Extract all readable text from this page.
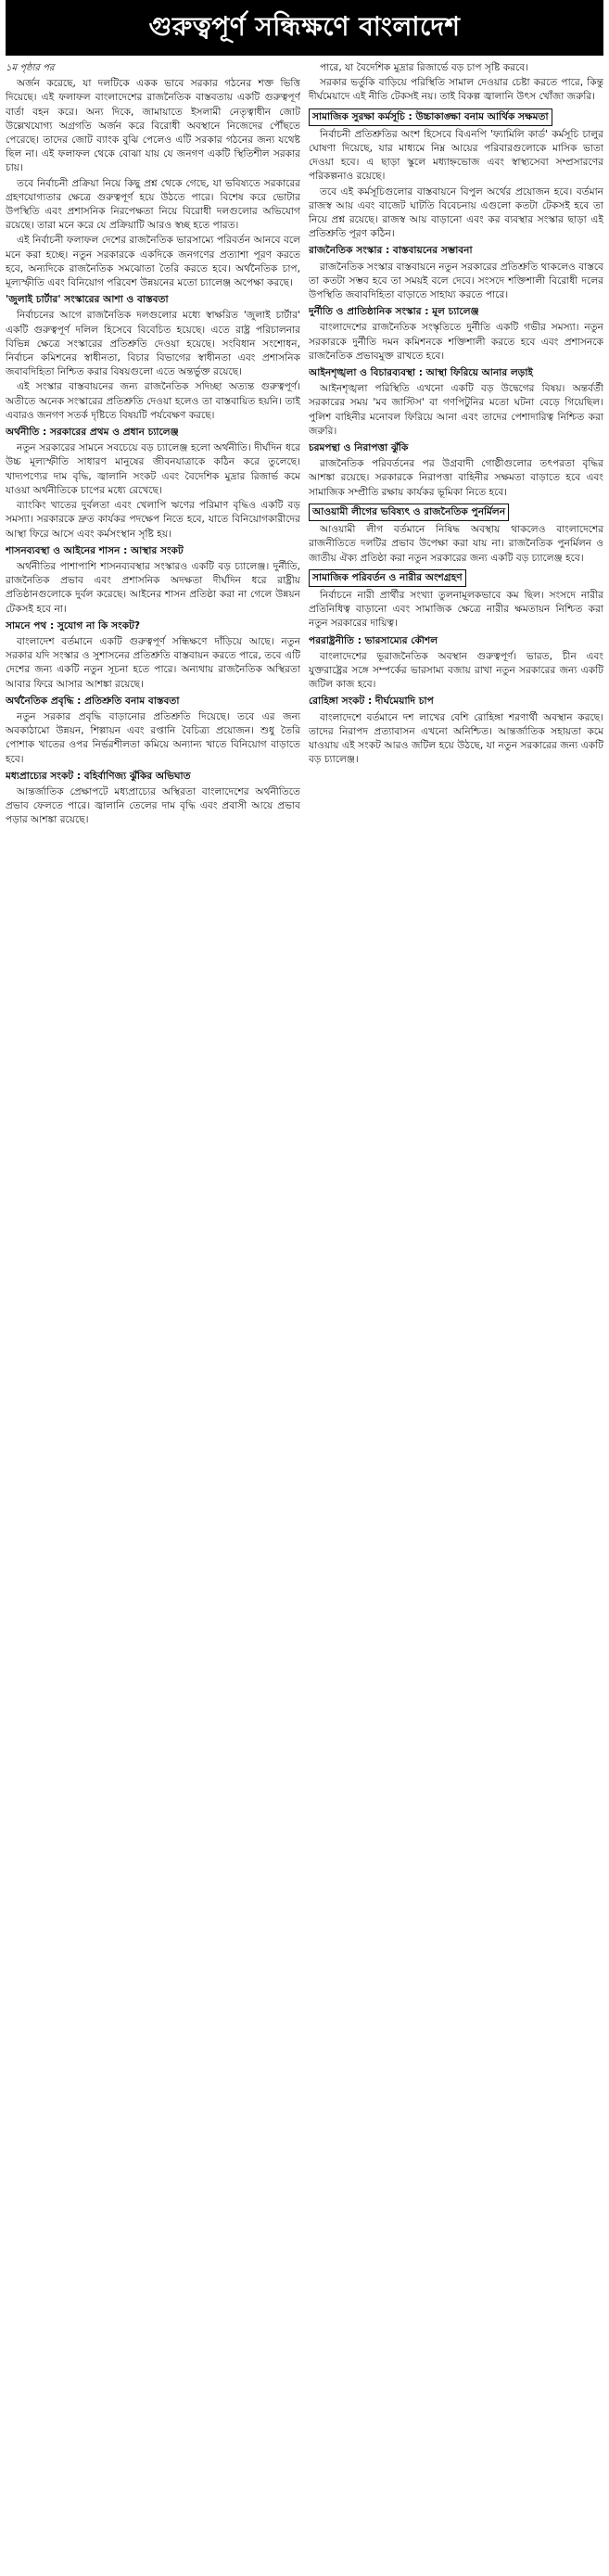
গুরুত্বপূর্ণ সন্ধিক্ষণে বাংলাদেশ
১ম পৃষ্ঠার পর

অর্জন করেছে, যা দলটিকে একক ভাবে সরকার গঠনের শক্ত ভিত্তি দিয়েছে। এই ফলাফল বাংলাদেশের রাজনৈতিক বাস্তবতায় একটি গুরুত্বপূর্ণ বার্তা বহন করে। অন্য দিকে, জামায়াতে ইসলামী নেতৃত্বাধীন জোট উল্লেখযোগ্য অগ্রগতি অর্জন করে বিরোধী অবস্থানে নিজেদের পৌঁছতে পেরেছে। তাদের জোট ব্যাংক বুঝি পেলেও এটি সরকার গঠনের জন্য যথেষ্ট ছিল না। এই ফলাফল থেকে বোঝা যায় যে জনগণ একটি স্থিতিশীল সরকার চায়।

তবে নির্বাচনী প্রক্রিয়া নিয়ে কিছু প্রশ্ন থেকে গেছে, যা ভবিষ্যতে সরকারের গ্রহণযোগ্যতার ক্ষেত্রে গুরুত্বপূর্ণ হয়ে উঠতে পারে। বিশেষ করে ভোটার উপস্থিতি এবং প্রশাসনিক নিরপেক্ষতা নিয়ে বিরোধী দলগুলোর অভিযোগ রয়েছে। তারা মনে করে যে প্রক্রিয়াটি আরও স্বচ্ছ হতে পারত।

এই নির্বাচনী ফলাফল দেশের রাজনৈতিক ভারসাম্যে পরিবর্তন আনবে বলে মনে করা হচ্ছে। নতুন সরকারকে একদিকে জনগণের প্রত্যাশা পূরণ করতে হবে, অন্যদিকে রাজনৈতিক সমঝোতা তৈরি করতে হবে। অর্থনৈতিক চাপ, মূল্যস্ফীতি এবং বিনিয়োগ পরিবেশ উন্নয়নের মতো চ্যালেঞ্জ অপেক্ষা করছে।

'জুলাই চার্টার' সংস্কারের আশা ও বাস্তবতা

নির্বাচনের আগে রাজনৈতিক দলগুলোর মধ্যে স্বাক্ষরিত 'জুলাই চার্টার' একটি গুরুত্বপূর্ণ দলিল হিসেবে বিবেচিত হয়েছে। এতে রাষ্ট্র পরিচালনার বিভিন্ন ক্ষেত্রে সংস্কারের প্রতিশ্রুতি দেওয়া হয়েছে। সংবিধান সংশোধন, নির্বাচন কমিশনের স্বাধীনতা, বিচার বিভাগের স্বাধীনতা এবং প্রশাসনিক জবাবদিহিতা নিশ্চিত করার বিষয়গুলো এতে অন্তর্ভুক্ত রয়েছে।

এই সংস্কার বাস্তবায়নের জন্য রাজনৈতিক সদিচ্ছা অত্যন্ত গুরুত্বপূর্ণ। অতীতে অনেক সংস্কারের প্রতিশ্রুতি দেওয়া হলেও তা বাস্তবায়িত হয়নি। তাই এবারও জনগণ সতর্ক দৃষ্টিতে বিষয়টি পর্যবেক্ষণ করছে।

অর্থনীতি : সরকারের প্রথম ও প্রধান চ্যালেঞ্জ

নতুন সরকারের সামনে সবচেয়ে বড় চ্যালেঞ্জ হলো অর্থনীতি। দীর্ঘদিন ধরে উচ্চ মূল্যস্ফীতি সাধারণ মানুষের জীবনযাত্রাকে কঠিন করে তুলেছে। খাদ্যপণ্যের দাম বৃদ্ধি, জ্বালানি সংকট এবং বৈদেশিক মুদ্রার রিজার্ভ কমে যাওয়া অর্থনীতিকে চাপের মধ্যে রেখেছে।

ব্যাংকিং খাতের দুর্বলতা এবং খেলাপি ঋণের পরিমাণ বৃদ্ধিও একটি বড় সমস্যা। সরকারকে দ্রুত কার্যকর পদক্ষেপ নিতে হবে, যাতে বিনিয়োগকারীদের আস্থা ফিরে আসে এবং কর্মসংস্থান সৃষ্টি হয়।

শাসনব্যবস্থা ও আইনের শাসন : আস্থার সংকট

অর্থনীতির পাশাপাশি শাসনব্যবস্থার সংস্কারও একটি বড় চ্যালেঞ্জ। দুর্নীতি, রাজনৈতিক প্রভাব এবং প্রশাসনিক অদক্ষতা দীর্ঘদিন ধরে রাষ্ট্রীয় প্রতিষ্ঠানগুলোকে দুর্বল করেছে। আইনের শাসন প্রতিষ্ঠা করা না গেলে উন্নয়ন টেকসই হবে না।

সামনে পথ : সুযোগ না কি সংকট?

বাংলাদেশ বর্তমানে একটি গুরুত্বপূর্ণ সন্ধিক্ষণে দাঁড়িয়ে আছে। নতুন সরকার যদি সংস্কার ও সুশাসনের প্রতিশ্রুতি বাস্তবায়ন করতে পারে, তবে এটি দেশের জন্য একটি নতুন সূচনা হতে পারে। অন্যথায় রাজনৈতিক অস্থিরতা আবার ফিরে আসার আশঙ্কা রয়েছে।

অর্থনৈতিক প্রবৃদ্ধি : প্রতিশ্রুতি বনাম বাস্তবতা

নতুন সরকার প্রবৃদ্ধি বাড়ানোর প্রতিশ্রুতি দিয়েছে। তবে এর জন্য অবকাঠামো উন্নয়ন, শিল্পায়ন এবং রপ্তানি বৈচিত্র্য প্রয়োজন। শুধু তৈরি পোশাক খাতের ওপর নির্ভরশীলতা কমিয়ে অন্যান্য খাতে বিনিয়োগ বাড়াতে হবে।

মধ্যপ্রাচ্যের সংকট : বহির্বাণিজ্য ঝুঁকির অভিঘাত

আন্তর্জাতিক প্রেক্ষাপটে মধ্যপ্রাচ্যের অস্থিরতা বাংলাদেশের অর্থনীতিতে প্রভাব ফেলতে পারে। জ্বালানি তেলের দাম বৃদ্ধি এবং প্রবাসী আয়ে প্রভাব পড়ার আশঙ্কা রয়েছে।

পারে, যা বৈদেশিক মুদ্রার রিজার্ভে বড় চাপ সৃষ্টি করবে।

সরকার ভর্তুকি বাড়িয়ে পরিস্থিতি সামাল দেওয়ার চেষ্টা করতে পারে, কিন্তু দীর্ঘমেয়াদে এই নীতি টেকসই নয়। তাই বিকল্প জ্বালানি উৎস খোঁজা জরুরি।

সামাজিক সুরক্ষা কর্মসূচি : উচ্চাকাঙ্ক্ষা বনাম আর্থিক সক্ষমতা

নির্বাচনী প্রতিশ্রুতির অংশ হিসেবে বিএনপি 'ফ্যামিলি কার্ড' কর্মসূচি চালুর ঘোষণা দিয়েছে, যার মাধ্যমে নিম্ন আয়ের পরিবারগুলোকে মাসিক ভাতা দেওয়া হবে। এ ছাড়া স্কুলে মধ্যাহ্নভোজ এবং স্বাস্থ্যসেবা সম্প্রসারণের পরিকল্পনাও রয়েছে।

তবে এই কর্মসূচিগুলোর বাস্তবায়নে বিপুল অর্থের প্রয়োজন হবে। বর্তমান রাজস্ব আয় এবং বাজেট ঘাটতি বিবেচনায় এগুলো কতটা টেকসই হবে তা নিয়ে প্রশ্ন রয়েছে। রাজস্ব আয় বাড়ানো এবং কর ব্যবস্থার সংস্কার ছাড়া এই প্রতিশ্রুতি পূরণ কঠিন।

রাজনৈতিক সংস্কার : বাস্তবায়নের সম্ভাবনা

রাজনৈতিক সংস্কার বাস্তবায়নে নতুন সরকারের প্রতিশ্রুতি থাকলেও বাস্তবে তা কতটা সম্ভব হবে তা সময়ই বলে দেবে। সংসদে শক্তিশালী বিরোধী দলের উপস্থিতি জবাবদিহিতা বাড়াতে সাহায্য করতে পারে।

দুর্নীতি ও প্রাতিষ্ঠানিক সংস্কার : মূল চ্যালেঞ্জ

বাংলাদেশের রাজনৈতিক সংস্কৃতিতে দুর্নীতি একটি গভীর সমস্যা। নতুন সরকারকে দুর্নীতি দমন কমিশনকে শক্তিশালী করতে হবে এবং প্রশাসনকে রাজনৈতিক প্রভাবমুক্ত রাখতে হবে।

আইনশৃঙ্খলা ও বিচারব্যবস্থা : আস্থা ফিরিয়ে আনার লড়াই

আইনশৃঙ্খলা পরিস্থিতি এখনো একটি বড় উদ্বেগের বিষয়। অন্তর্বর্তী সরকারের সময় 'মব জাস্টিস' বা গণপিটুনির মতো ঘটনা বেড়ে গিয়েছিল। পুলিশ বাহিনীর মনোবল ফিরিয়ে আনা এবং তাদের পেশাদারিত্ব নিশ্চিত করা জরুরি।

চরমপন্থা ও নিরাপত্তা ঝুঁকি

রাজনৈতিক পরিবর্তনের পর উগ্রবাদী গোষ্ঠীগুলোর তৎপরতা বৃদ্ধির আশঙ্কা রয়েছে। সরকারকে নিরাপত্তা বাহিনীর সক্ষমতা বাড়াতে হবে এবং সামাজিক সম্প্রীতি রক্ষায় কার্যকর ভূমিকা নিতে হবে।

আওয়ামী লীগের ভবিষ্যৎ ও রাজনৈতিক পুনর্মিলন

আওয়ামী লীগ বর্তমানে নিষিদ্ধ অবস্থায় থাকলেও বাংলাদেশের রাজনীতিতে দলটির প্রভাব উপেক্ষা করা যায় না। রাজনৈতিক পুনর্মিলন ও জাতীয় ঐক্য প্রতিষ্ঠা করা নতুন সরকারের জন্য একটি বড় চ্যালেঞ্জ হবে।

সামাজিক পরিবর্তন ও নারীর অংশগ্রহণ

নির্বাচনে নারী প্রার্থীর সংখ্যা তুলনামূলকভাবে কম ছিল। সংসদে নারীর প্রতিনিধিত্ব বাড়ানো এবং সামাজিক ক্ষেত্রে নারীর ক্ষমতায়ন নিশ্চিত করা নতুন সরকারের দায়িত্ব।

পররাষ্ট্রনীতি : ভারসাম্যের কৌশল

বাংলাদেশের ভূরাজনৈতিক অবস্থান গুরুত্বপূর্ণ। ভারত, চীন এবং যুক্তরাষ্ট্রের সঙ্গে সম্পর্কের ভারসাম্য বজায় রাখা নতুন সরকারের জন্য একটি জটিল কাজ হবে।

রোহিঙ্গা সংকট : দীর্ঘমেয়াদি চাপ

বাংলাদেশে বর্তমানে দশ লাখের বেশি রোহিঙ্গা শরণার্থী অবস্থান করছে। তাদের নিরাপদ প্রত্যাবাসন এখনো অনিশ্চিত। আন্তর্জাতিক সহায়তা কমে যাওয়ায় এই সংকট আরও জটিল হয়ে উঠছে, যা নতুন সরকারের জন্য একটি বড় চ্যালেঞ্জ।
